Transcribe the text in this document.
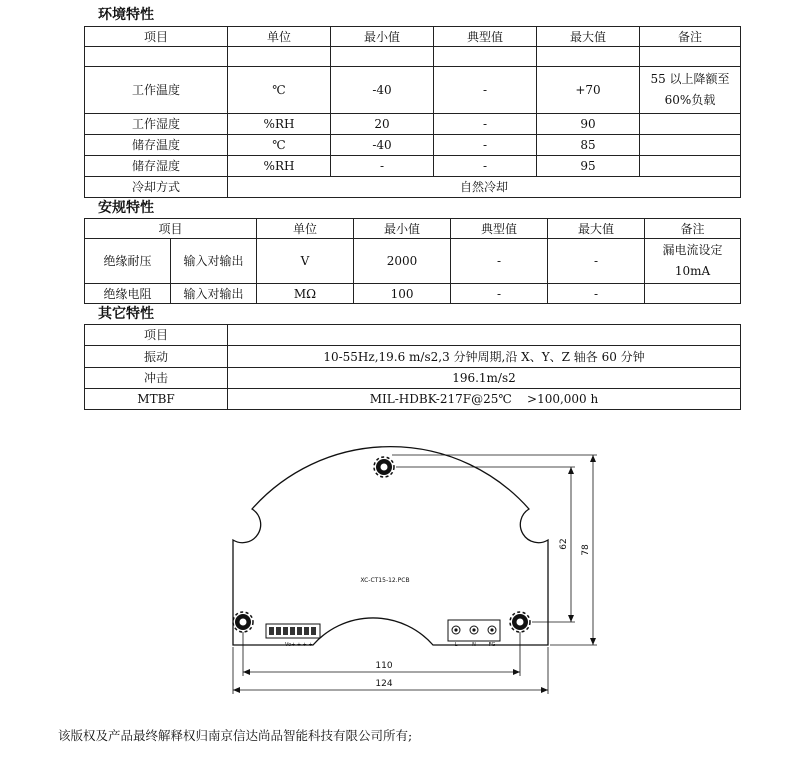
环境特性
项目	单位	最小值	典型值	最大值	备注

工作温度	℃	-40	-	+70	55 以上降额至
60%负载

工作湿度	%RH	20	-	90	
储存温度	℃	-40	-	85	
储存湿度	%RH	-	-	95	
冷却方式	自然冷却				
安规特性
项目		单位	最小值	典型值	最大值	备注
绝缘耐压	输入对输出	V	2000	-	-	漏电流设定
10mA

绝缘电阻	输入对输出	MΩ	100	-	-	
其它特性
项目	
振动	10-55Hz,19.6 m/s2,3 分钟周期,沿 X、Y、Z 轴各 60 分钟
冲击	196.1m/s2
MTBF	MIL-HDBK-217F@25℃    >100,000 h
XC-CT15-12.PCB
- - - -Vo+ + + +	L	N	FG
62
78
110
124
该版权及产品最终解释权归南京信达尚品智能科技有限公司所有;
